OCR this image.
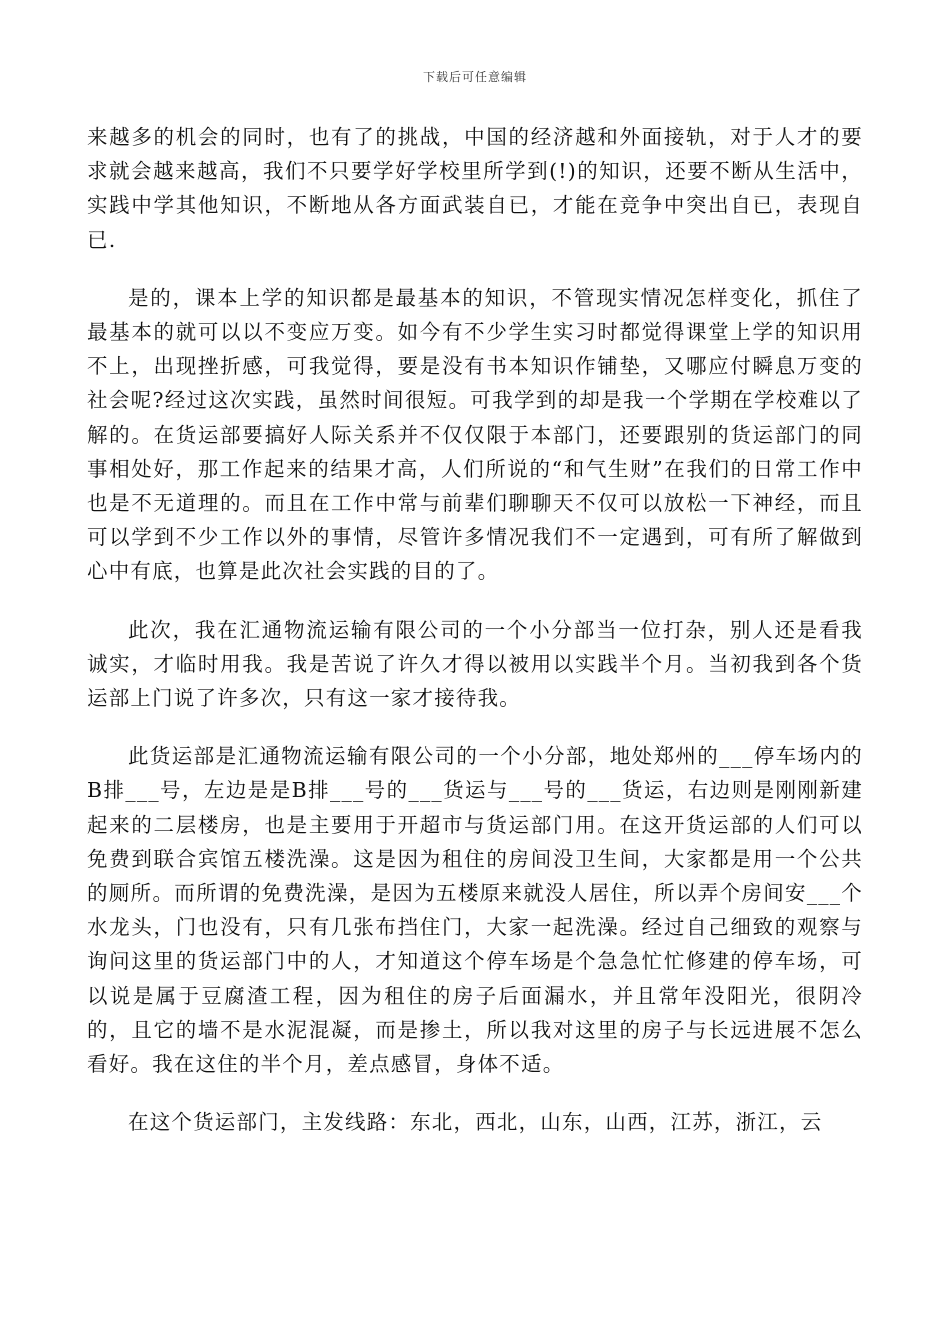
下载后可任意编辑

来越多的机会的同时，也有了的挑战，中国的经济越和外面接轨，对于人才的要求就会越来越高，我们不只要学好学校里所学到(!)的知识，还要不断从生活中，实践中学其他知识，不断地从各方面武装自已，才能在竞争中突出自已，表现自已.

是的，课本上学的知识都是最基本的知识，不管现实情况怎样变化，抓住了最基本的就可以以不变应万变。如今有不少学生实习时都觉得课堂上学的知识用不上，出现挫折感，可我觉得，要是没有书本知识作铺垫，又哪应付瞬息万变的社会呢?经过这次实践，虽然时间很短。可我学到的却是我一个学期在学校难以了解的。在货运部要搞好人际关系并不仅仅限于本部门，还要跟别的货运部门的同事相处好，那工作起来的结果才高，人们所说的“和气生财”在我们的日常工作中也是不无道理的。而且在工作中常与前辈们聊聊天不仅可以放松一下神经，而且可以学到不少工作以外的事情，尽管许多情况我们不一定遇到，可有所了解做到心中有底，也算是此次社会实践的目的了。

此次，我在汇通物流运输有限公司的一个小分部当一位打杂，别人还是看我诚实，才临时用我。我是苦说了许久才得以被用以实践半个月。当初我到各个货运部上门说了许多次，只有这一家才接待我。

此货运部是汇通物流运输有限公司的一个小分部，地处郑州的___停车场内的B排___号，左边是是B排___号的___货运与___号的___货运，右边则是刚刚新建起来的二层楼房，也是主要用于开超市与货运部门用。在这开货运部的人们可以免费到联合宾馆五楼洗澡。这是因为租住的房间没卫生间，大家都是用一个公共的厕所。而所谓的免费洗澡，是因为五楼原来就没人居住，所以弄个房间安___个水龙头，门也没有，只有几张布挡住门，大家一起洗澡。经过自己细致的观察与询问这里的货运部门中的人，才知道这个停车场是个急急忙忙修建的停车场，可以说是属于豆腐渣工程，因为租住的房子后面漏水，并且常年没阳光，很阴冷的，且它的墙不是水泥混凝，而是掺土，所以我对这里的房子与长远进展不怎么看好。我在这住的半个月，差点感冒，身体不适。

在这个货运部门，主发线路：东北，西北，山东，山西，江苏，浙江，云
